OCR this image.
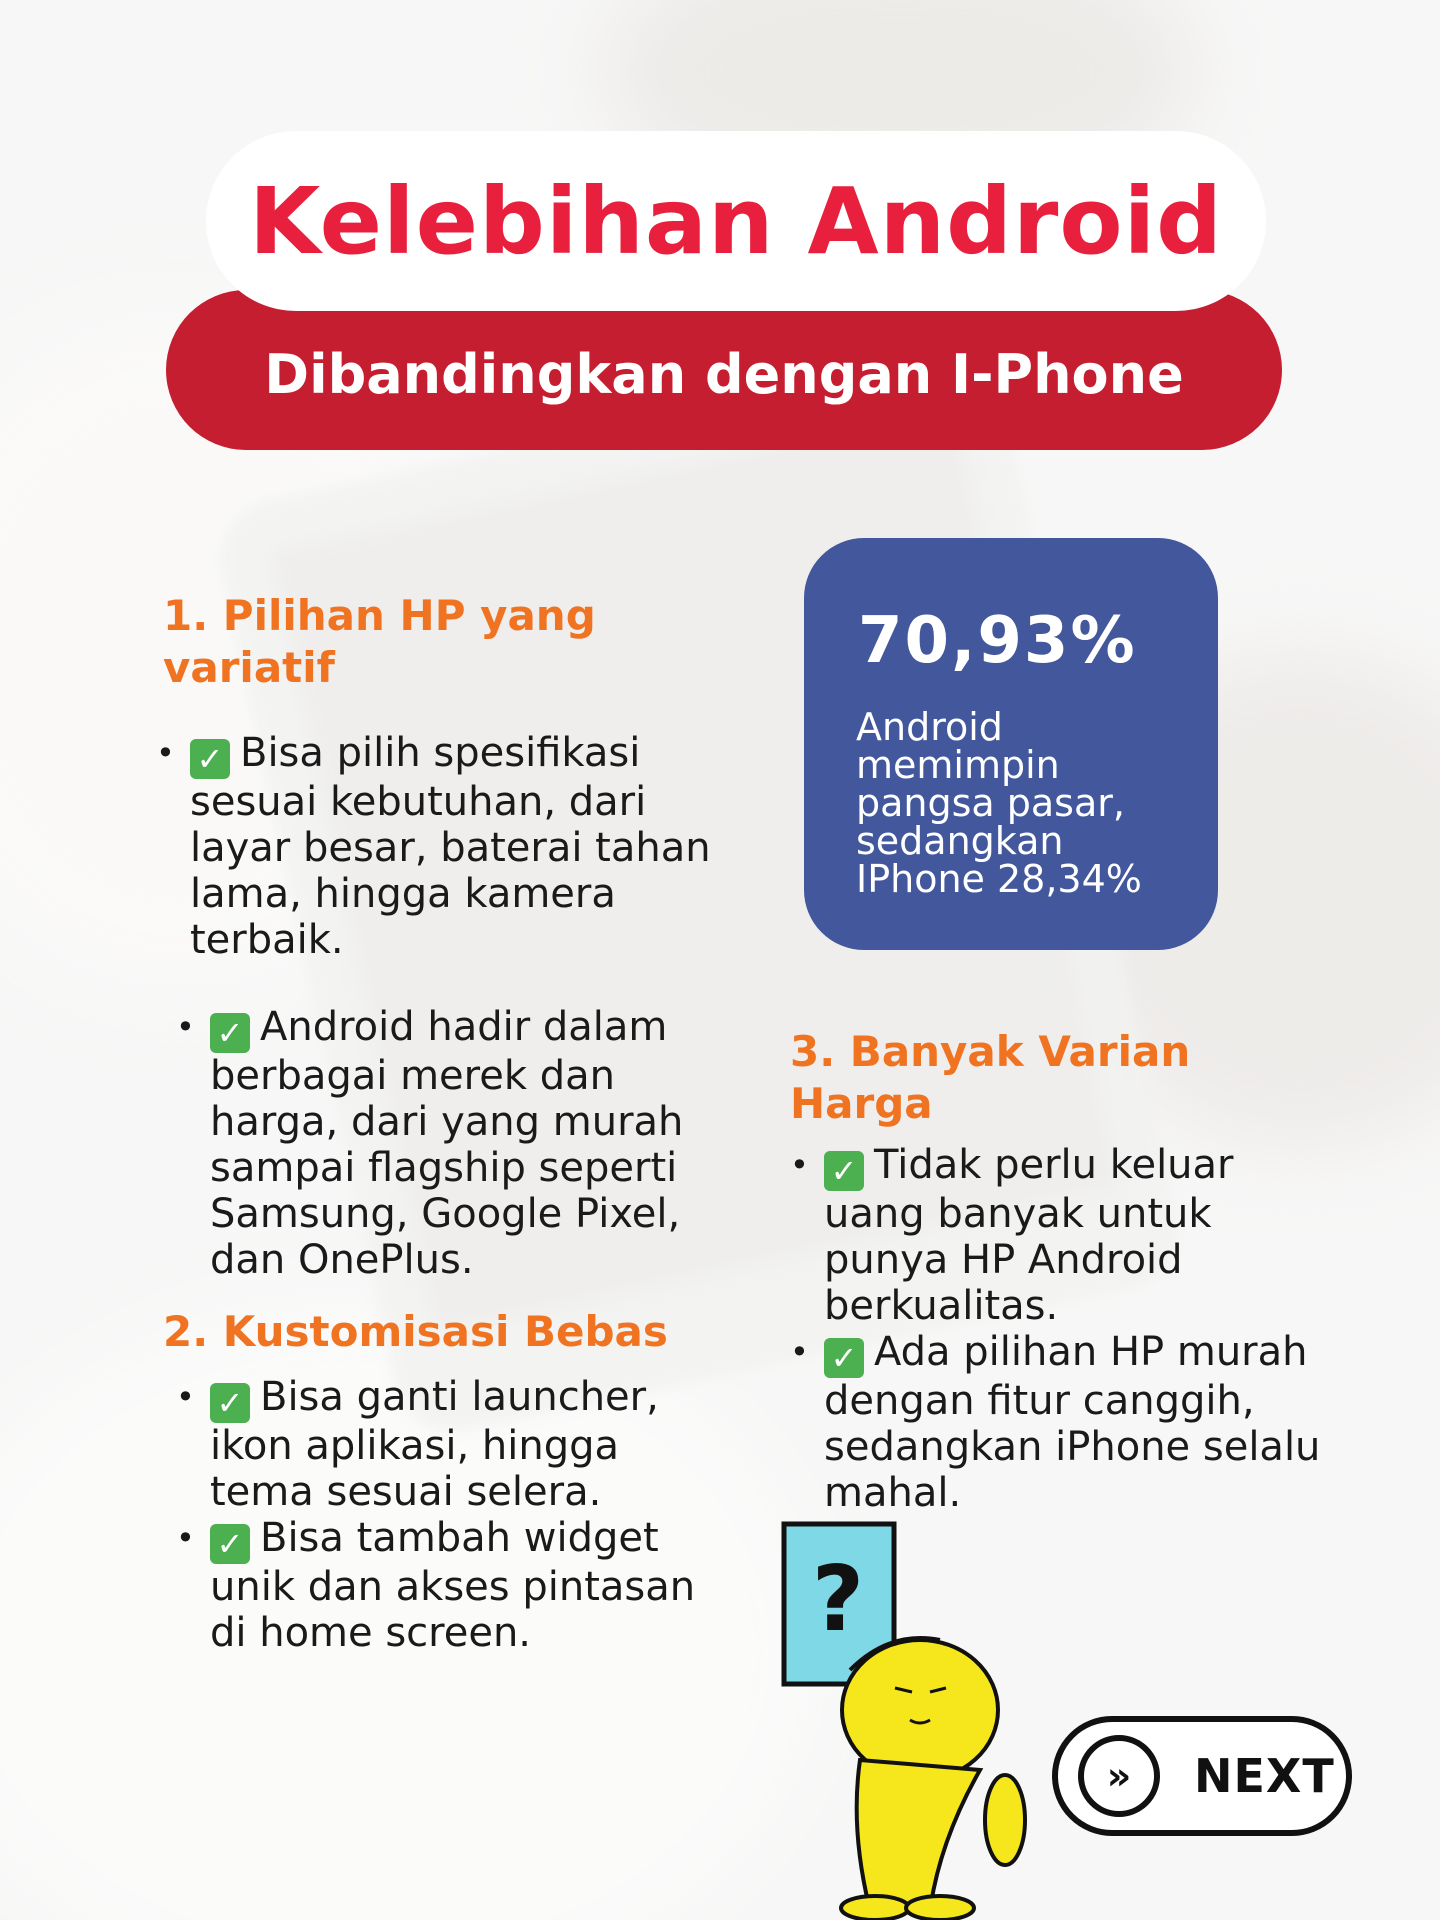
Kelebihan Android
Dibandingkan dengan I-Phone
1. Pilihan HP yang variatif
• ✓ Bisa pilih spesifikasi sesuai kebutuhan, dari layar besar, baterai tahan lama, hingga kamera terbaik.
• ✓ Android hadir dalam berbagai merek dan harga, dari yang murah sampai flagship seperti Samsung, Google Pixel, dan OnePlus.
2. Kustomisasi Bebas
• ✓ Bisa ganti launcher, ikon aplikasi, hingga tema sesuai selera.
• ✓ Bisa tambah widget unik dan akses pintasan di home screen.
70,93%
Android memimpin pangsa pasar, sedangkan IPhone 28,34%
3. Banyak Varian Harga
• ✓ Tidak perlu keluar uang banyak untuk punya HP Android berkualitas.
• ✓ Ada pilihan HP murah dengan fitur canggih, sedangkan iPhone selalu mahal.
?
»	NEXT
